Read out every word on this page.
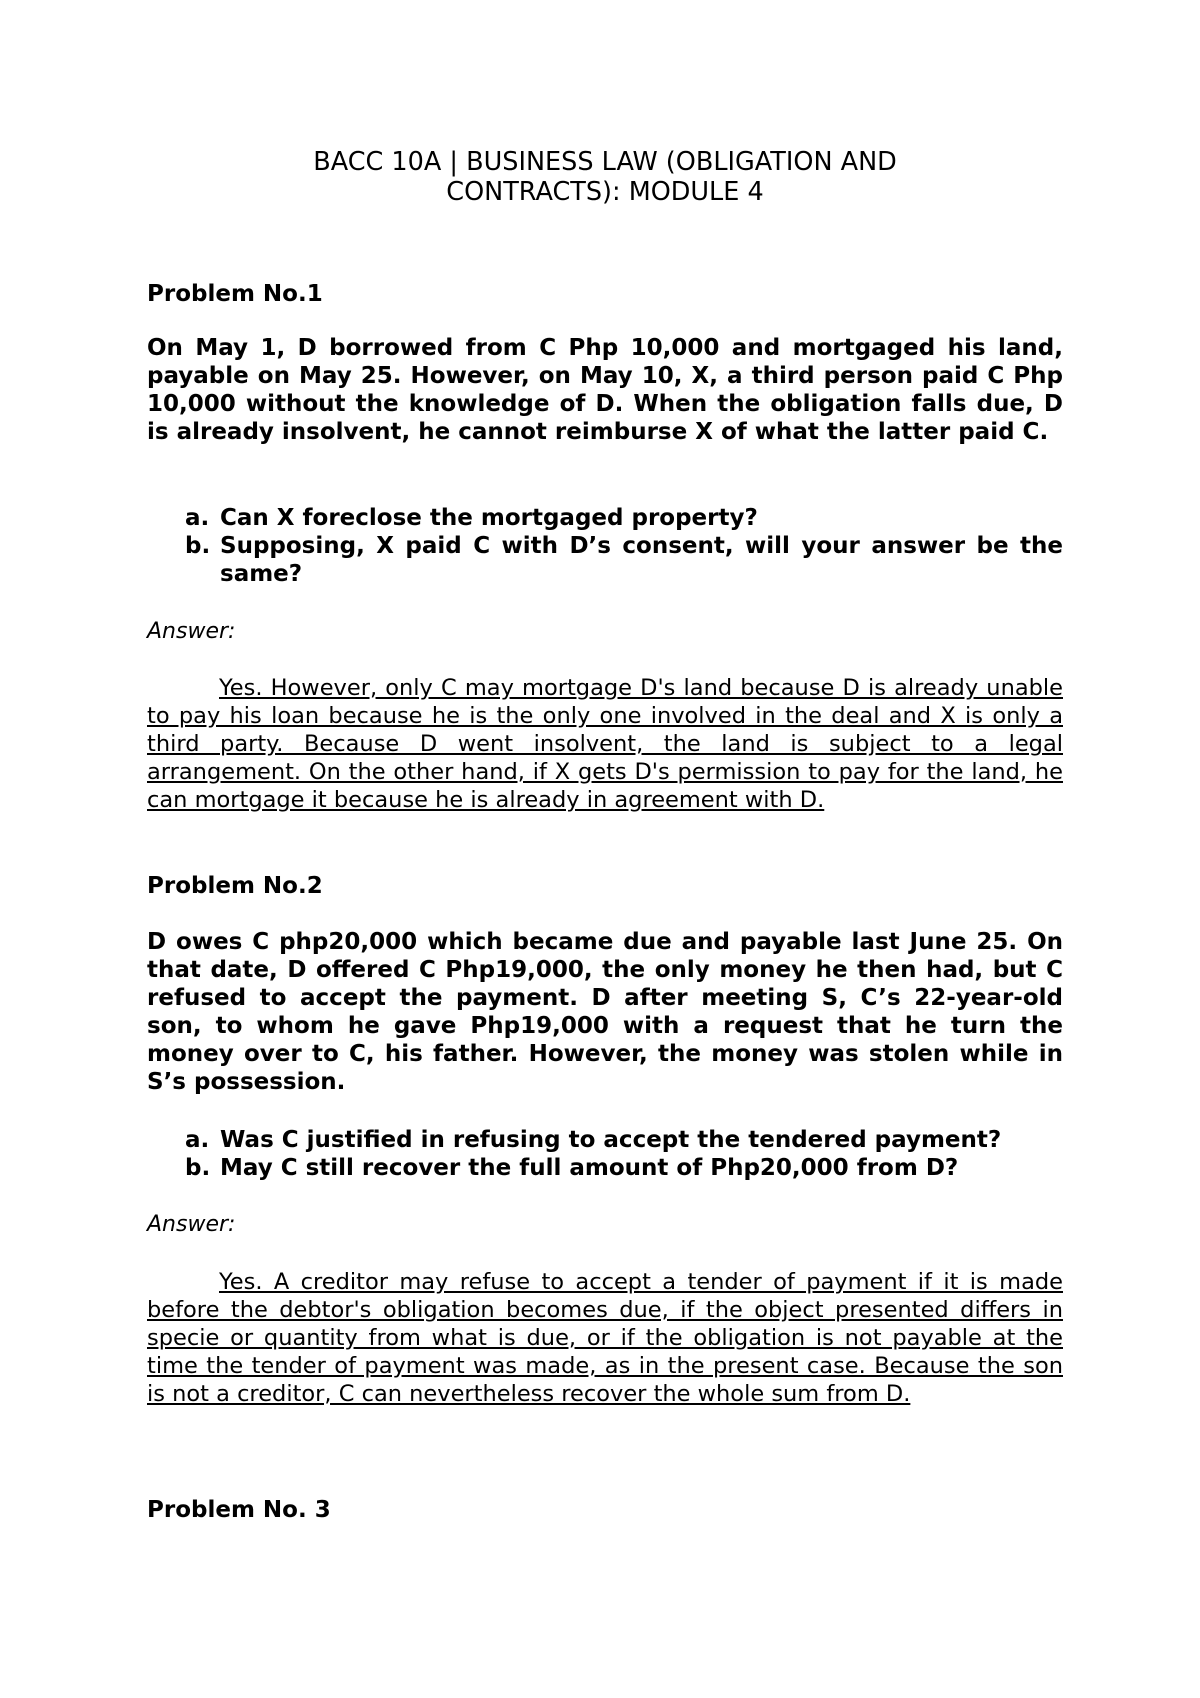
BACC 10A | BUSINESS LAW (OBLIGATION AND
CONTRACTS): MODULE 4
Problem No.1

On May 1, D borrowed from C Php 10,000 and mortgaged his land, payable on May 25. However, on May 10, X, a third person paid C Php 10,000 without the knowledge of D. When the obligation falls due, D is already insolvent, he cannot reimburse X of what the latter paid C.

a. Can X foreclose the mortgaged property?
b. Supposing, X paid C with D’s consent, will your answer be the same?

Answer:

Yes. However, only C may mortgage D's land because D is already unable to pay his loan because he is the only one involved in the deal and X is only a third party. Because D went insolvent, the land is subject to a legal arrangement. On the other hand, if X gets D's permission to pay for the land, he can mortgage it because he is already in agreement with D.

Problem No.2

D owes C php20,000 which became due and payable last June 25. On that date, D offered C Php19,000, the only money he then had, but C refused to accept the payment. D after meeting S, C’s 22-year-old son, to whom he gave Php19,000 with a request that he turn the money over to C, his father. However, the money was stolen while in S’s possession.

a. Was C justified in refusing to accept the tendered payment?
b. May C still recover the full amount of Php20,000 from D?

Answer:

Yes. A creditor may refuse to accept a tender of payment if it is made before the debtor's obligation becomes due, if the object presented differs in specie or quantity from what is due, or if the obligation is not payable at the time the tender of payment was made, as in the present case. Because the son is not a creditor, C can nevertheless recover the whole sum from D.

Problem No. 3
